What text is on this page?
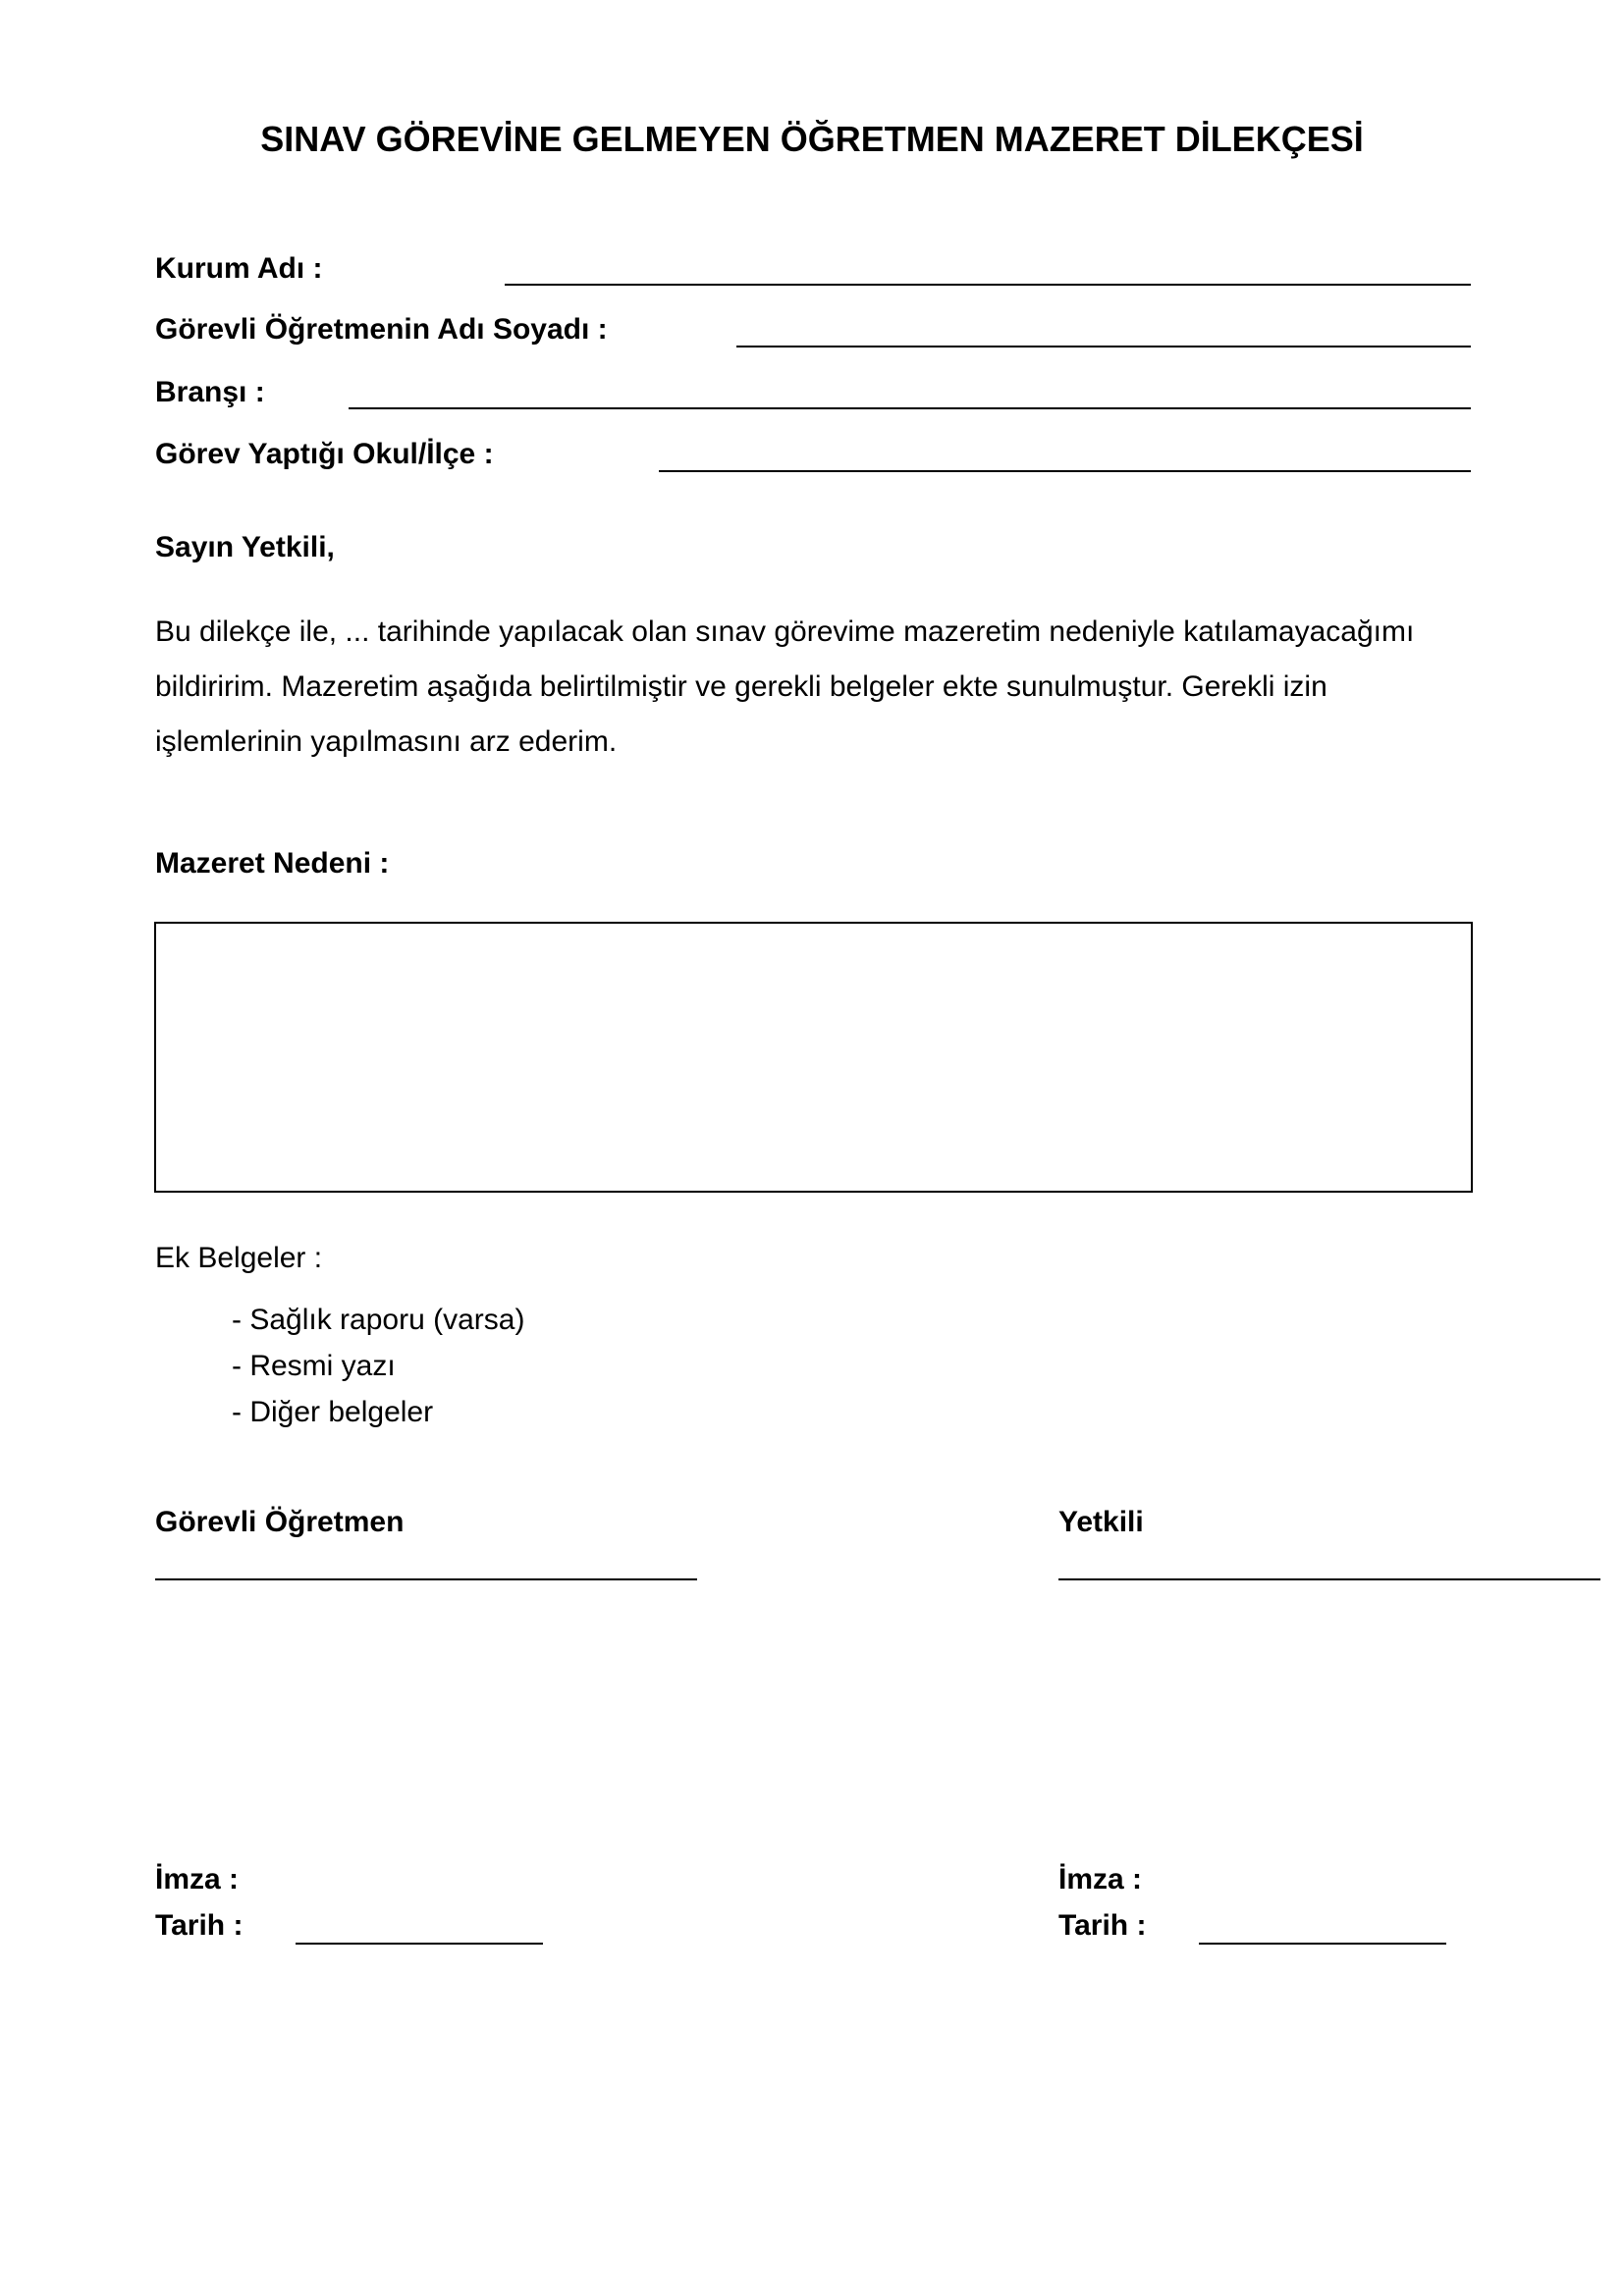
SINAV GÖREVİNE GELMEYEN ÖĞRETMEN MAZERET DİLEKÇESİ
Kurum Adı :
Görevli Öğretmenin Adı Soyadı :
Branşı :
Görev Yaptığı Okul/İlçe :
Sayın Yetkili,

Bu dilekçe ile, ... tarihinde yapılacak olan sınav görevime mazeretim nedeniyle katılamayacağımı

bildiririm. Mazeretim aşağıda belirtilmiştir ve gerekli belgeler ekte sunulmuştur. Gerekli izin

işlemlerinin yapılmasını arz ederim.

Mazeret Nedeni :
Ek Belgeler :
- Sağlık raporu (varsa)
- Resmi yazı
- Diğer belgeler
Görevli Öğretmen
İmza :
Tarih :
Yetkili
İmza :
Tarih :
